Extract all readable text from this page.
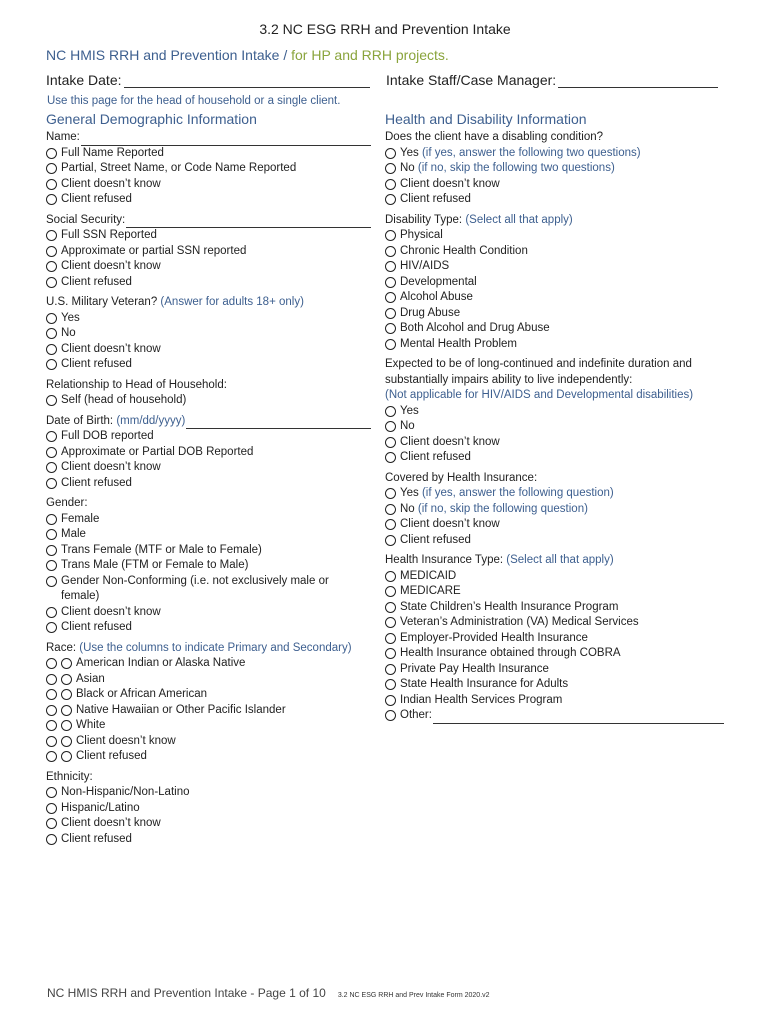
3.2 NC ESG RRH and Prevention Intake
NC HMIS RRH and Prevention Intake / for HP and RRH projects.
Intake Date:	Intake Staff/Case Manager:
Use this page for the head of household or a single client.
General Demographic Information
Name:
Full Name Reported
Partial, Street Name, or Code Name Reported
Client doesn’t know
Client refused
Social Security:
Full SSN Reported
Approximate or partial SSN reported
Client doesn’t know
Client refused
U.S. Military Veteran? (Answer for adults 18+ only)
Yes
No
Client doesn’t know
Client refused
Relationship to Head of Household:
Self (head of household)
Date of Birth:
(mm/dd/yyyy)
Full DOB reported
Approximate or Partial DOB Reported
Client doesn’t know
Client refused
Gender:
Female
Male
Trans Female (MTF or Male to Female)
Trans Male (FTM or Female to Male)
Gender Non-Conforming (i.e. not exclusively male or
female)
Client doesn’t know
Client refused
Race: (Use the columns to indicate Primary and Secondary)
American Indian or Alaska Native
Asian
Black or African American
Native Hawaiian or Other Pacific Islander
White
Client doesn’t know
Client refused
Ethnicity:
Non-Hispanic/Non-Latino
Hispanic/Latino
Client doesn’t know
Client refused
Health and Disability Information
Does the client have a disabling condition?
Yes (if yes, answer the following two questions)
No (if no, skip the following two questions)
Client doesn’t know
Client refused
Disability Type: (Select all that apply)
Physical
Chronic Health Condition
HIV/AIDS
Developmental
Alcohol Abuse
Drug Abuse
Both Alcohol and Drug Abuse
Mental Health Problem
Expected to be of long-continued and indefinite duration and
substantially impairs ability to live independently:
(Not applicable for HIV/AIDS and Developmental disabilities)
Yes
No
Client doesn’t know
Client refused
Covered by Health Insurance:
Yes (if yes, answer the following question)
No (if no, skip the following question)
Client doesn’t know
Client refused
Health Insurance Type: (Select all that apply)
MEDICAID
MEDICARE
State Children’s Health Insurance Program
Veteran’s Administration (VA) Medical Services
Employer-Provided Health Insurance
Health Insurance obtained through COBRA
Private Pay Health Insurance
State Health Insurance for Adults
Indian Health Services Program
Other:
NC HMIS RRH and Prevention Intake - Page 1 of 10 3.2 NC ESG RRH and Prev Intake Form 2020.v2
